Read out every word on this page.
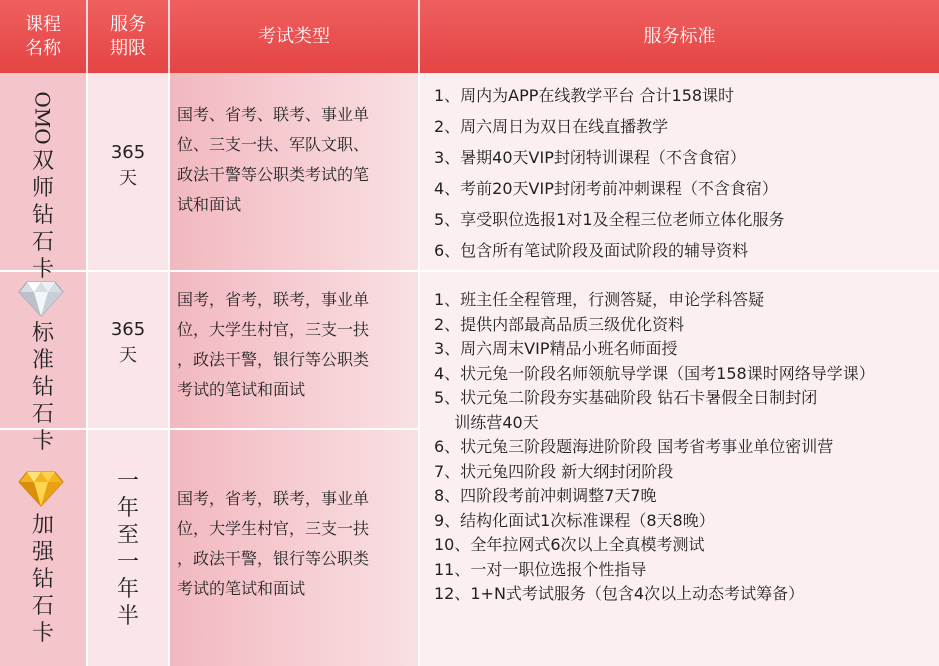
课程
名称
服务
期限
考试类型	服务标准
OMO
双
师
钻
石
卡
365
天
国考、省考、联考、事业单
位、三支一扶、军队文职、
政法干警等公职类考试的笔
试和面试
1、周内为APP在线教学平台 合计158课时
2、周六周日为双日在线直播教学
3、暑期40天VIP封闭特训课程（不含食宿）
4、考前20天VIP封闭考前冲刺课程（不含食宿）
5、享受职位选报1对1及全程三位老师立体化服务
6、包含所有笔试阶段及面试阶段的辅导资料
标
准
钻
石
卡
365
天
国考，省考，联考，事业单
位，大学生村官，三支一扶
，政法干警，银行等公职类
考试的笔试和面试
加
强
钻
石
卡
一
年
至
一
年
半
国考，省考，联考，事业单
位，大学生村官，三支一扶
，政法干警，银行等公职类
考试的笔试和面试
1、班主任全程管理，行测答疑，申论学科答疑
2、提供内部最高品质三级优化资料
3、周六周末VIP精品小班名师面授
4、状元兔一阶段名师领航导学课（国考158课时网络导学课）
5、状元兔二阶段夯实基础阶段 钻石卡暑假全日制封闭
训练营40天
6、状元兔三阶段题海进阶阶段 国考省考事业单位密训营
7、状元兔四阶段 新大纲封闭阶段
8、四阶段考前冲刺调整7天7晚
9、结构化面试1次标准课程（8天8晚）
10、全年拉网式6次以上全真模考测试
11、一对一职位选报个性指导
12、1+N式考试服务（包含4次以上动态考试筹备）
